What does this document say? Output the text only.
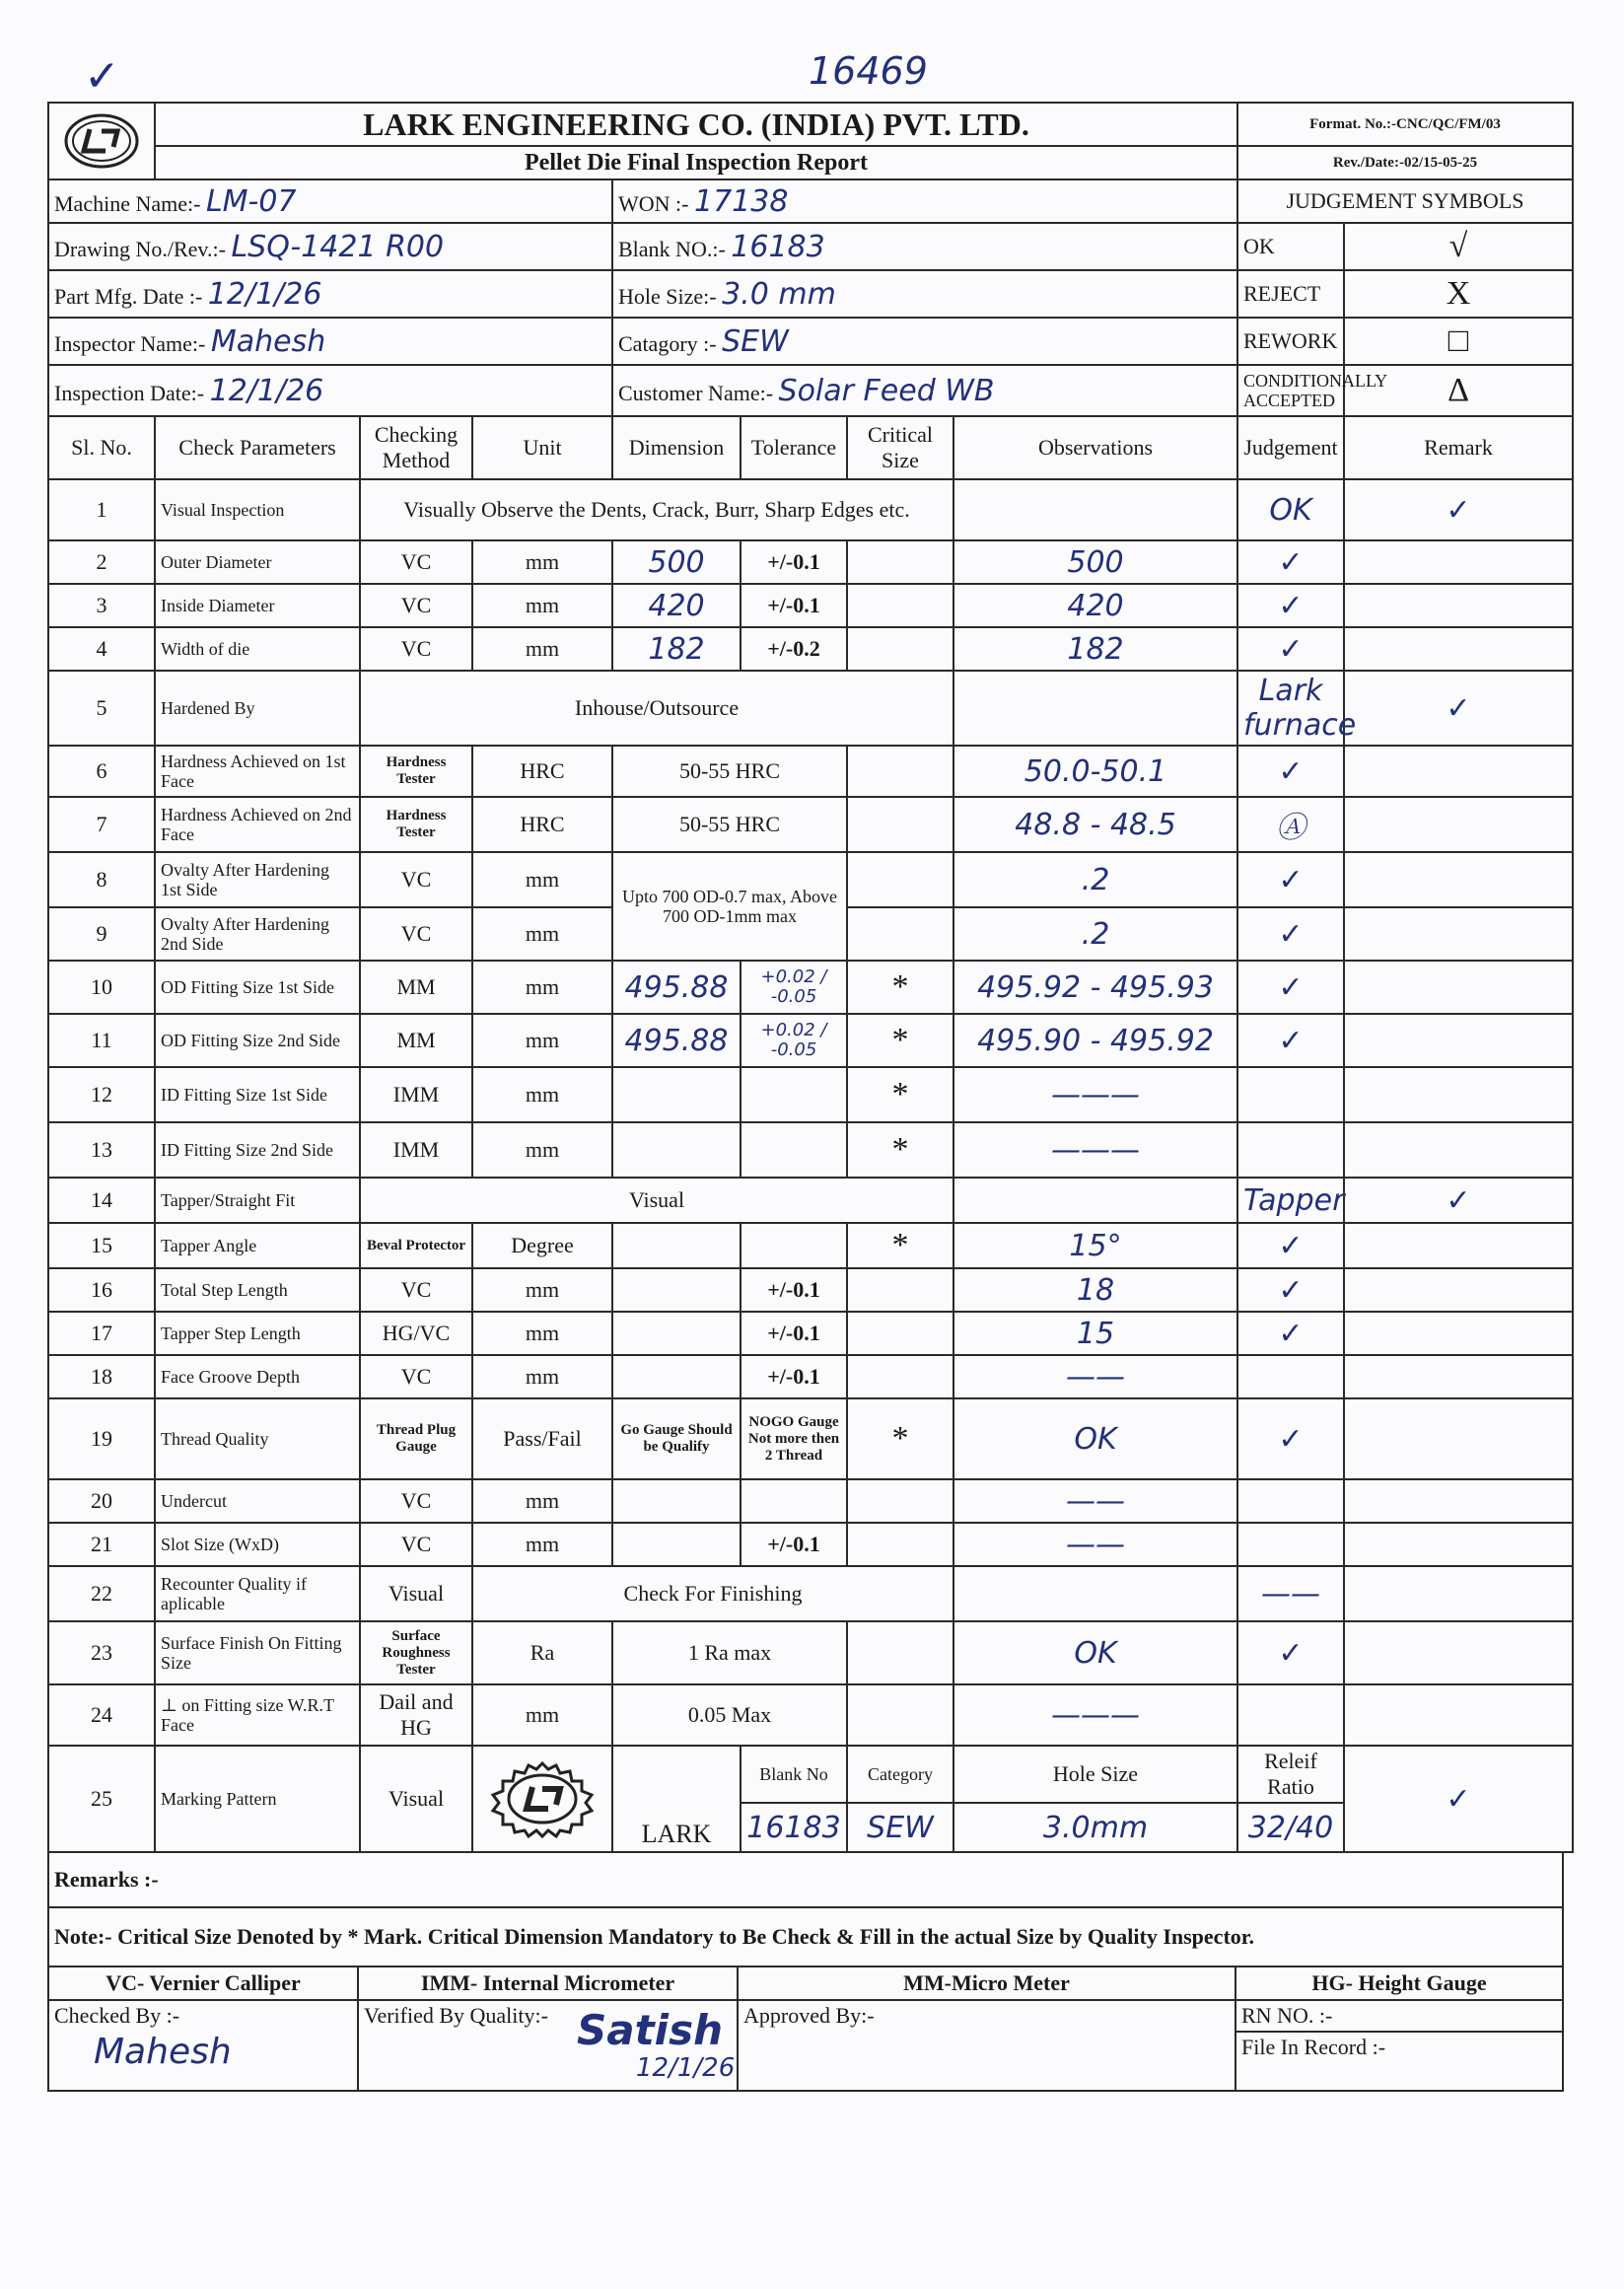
✓	16469
	LARK ENGINEERING CO. (INDIA) PVT. LTD.							Format. No.:-CNC/QC/FM/03		
	Pellet Die Final Inspection Report							Rev./Date:-02/15-05-25		
Machine Name:- LM-07				WON :- 17138				JUDGEMENT SYMBOLS		
Drawing No./Rev.:- LSQ-1421 R00				Blank NO.:- 16183				OK	√	
Part Mfg. Date :- 12/1/26				Hole Size:- 3.0 mm				REJECT	X	
Inspector Name:- Mahesh				Catagory :- SEW				REWORK	□	
Inspection Date:- 12/1/26				Customer Name:- Solar Feed WB				CONDITIONALLY ACCEPTED	Δ	
Sl. No.	Check Parameters	Checking Method	Unit	Dimension	Tolerance	Critical Size	Observations	Judgement	Remark	
1	Visual Inspection	Visually Observe the Dents, Crack, Burr, Sharp Edges etc.						OK	✓	
2	Outer Diameter	VC	mm	500	+/-0.1		500	✓		
3	Inside Diameter	VC	mm	420	+/-0.1		420	✓		
4	Width of die	VC	mm	182	+/-0.2		182	✓		
5	Hardened By	Inhouse/Outsource						Lark furnace	✓	
6	Hardness Achieved on 1st Face	Hardness Tester	HRC	50-55 HRC			50.0-50.1	✓		
7	Hardness Achieved on 2nd Face	Hardness Tester	HRC	50-55 HRC			48.8 - 48.5	Ⓐ		
8	Ovalty After Hardening 1st Side	VC	mm	Upto 700 OD-0.7 max, Above 700 OD-1mm max			.2	✓		
9	Ovalty After Hardening 2nd Side	VC	mm				.2	✓		
10	OD Fitting Size 1st Side	MM	mm	495.88	+0.02 / -0.05	*	495.92 - 495.93	✓		
11	OD Fitting Size 2nd Side	MM	mm	495.88	+0.02 / -0.05	*	495.90 - 495.92	✓		
12	ID Fitting Size 1st Side	IMM	mm			*	———			
13	ID Fitting Size 2nd Side	IMM	mm			*	———			
14	Tapper/Straight Fit	Visual						Tapper	✓	
15	Tapper Angle	Beval Protector	Degree			*	15°	✓		
16	Total Step Length	VC	mm		+/-0.1		18	✓		
17	Tapper Step Length	HG/VC	mm		+/-0.1		15	✓		
18	Face Groove Depth	VC	mm		+/-0.1		——			
19	Thread Quality	Thread Plug Gauge	Pass/Fail	Go Gauge Should be Qualify	NOGO Gauge Not more then 2 Thread	*	OK	✓		
20	Undercut	VC	mm				——			
21	Slot Size (WxD)	VC	mm		+/-0.1		——			
22	Recounter Quality if aplicable	Visual	Check For Finishing					——		
23	Surface Finish On Fitting Size	Surface Roughness Tester	Ra	1 Ra max			OK	✓		
24	⊥ on Fitting size W.R.T Face	Dail and HG	mm	0.05 Max			———			
25	Marking Pattern	Visual		LARK	Blank No	Category	Hole Size	Releif Ratio	✓	
					16183	SEW	3.0mm	32/40		
Remarks :-			
Note:- Critical Size Denoted by * Mark. Critical Dimension Mandatory to Be Check & Fill in the actual Size by Quality Inspector.			
VC- Vernier Calliper	IMM- Internal Micrometer	MM-Micro Meter	HG- Height Gauge
Checked By :-	Verified By Quality:-	Approved By:-	RN NO. :-
File In Record :-
Mahesh	Satish
12/1/26
